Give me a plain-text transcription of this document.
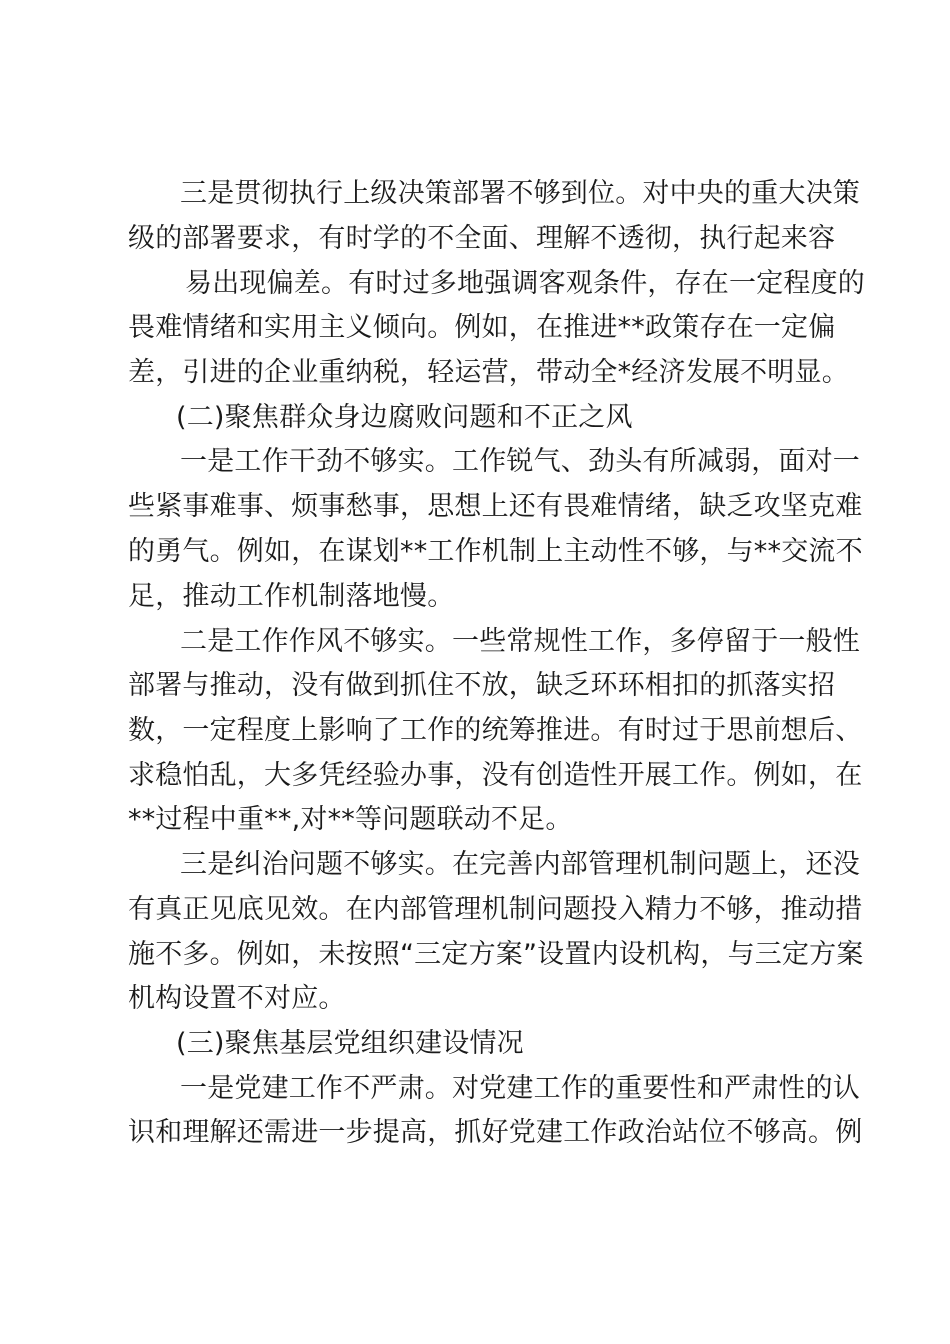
三是贯彻执行上级决策部署不够到位。对中央的重大决策
级的部署要求，有时学的不全面、理解不透彻，执行起来容
易出现偏差。有时过多地强调客观条件，存在一定程度的
畏难情绪和实用主义倾向。例如，在推进**政策存在一定偏
差，引进的企业重纳税，轻运营，带动全*经济发展不明显。
(二)聚焦群众身边腐败问题和不正之风
一是工作干劲不够实。工作锐气、劲头有所减弱，面对一
些紧事难事、烦事愁事，思想上还有畏难情绪，缺乏攻坚克难
的勇气。例如，在谋划**工作机制上主动性不够，与**交流不
足，推动工作机制落地慢。
二是工作作风不够实。一些常规性工作，多停留于一般性
部署与推动，没有做到抓住不放，缺乏环环相扣的抓落实招
数，一定程度上影响了工作的统筹推进。有时过于思前想后、
求稳怕乱，大多凭经验办事，没有创造性开展工作。例如，在
**过程中重**,对**等问题联动不足。
三是纠治问题不够实。在完善内部管理机制问题上，还没
有真正见底见效。在内部管理机制问题投入精力不够，推动措
施不多。例如，未按照“三定方案”设置内设机构，与三定方案
机构设置不对应。
(三)聚焦基层党组织建设情况
一是党建工作不严肃。对党建工作的重要性和严肃性的认
识和理解还需进一步提高，抓好党建工作政治站位不够高。例
